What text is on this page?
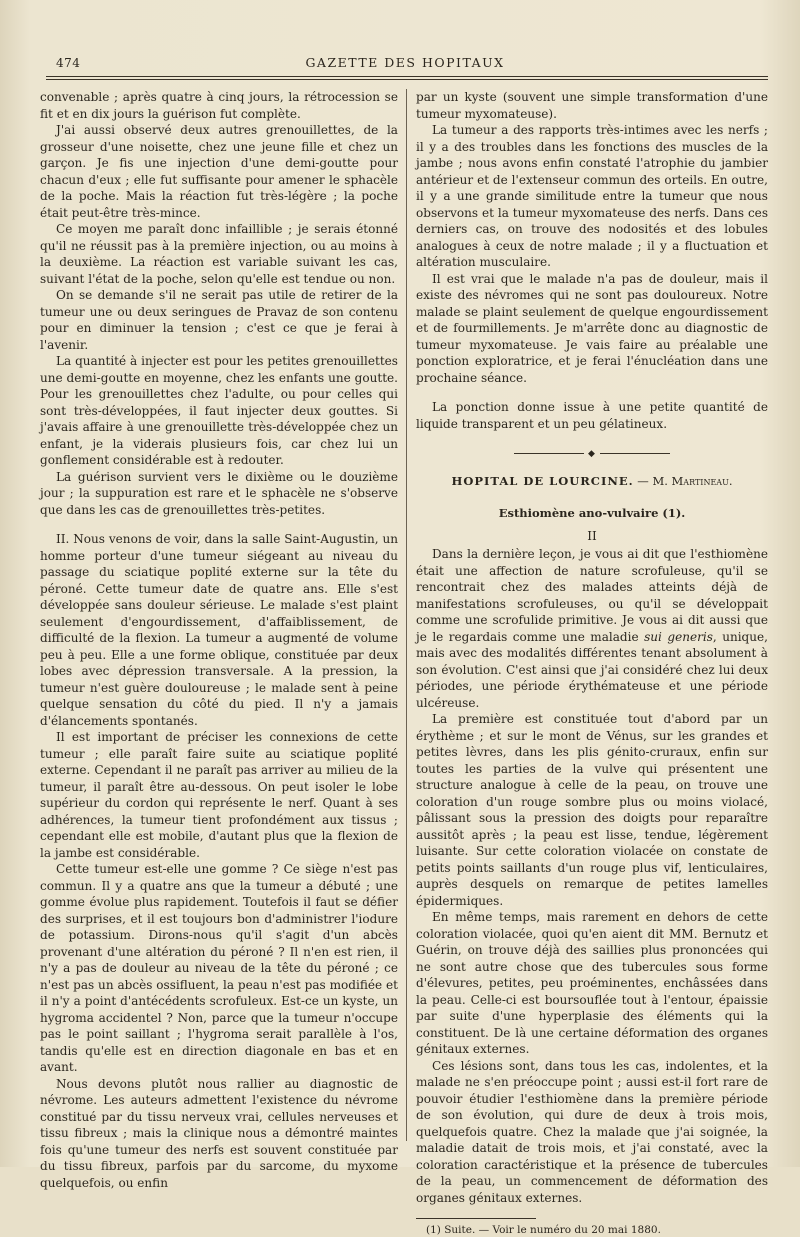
474	GAZETTE DES HOPITAUX

convenable ; après quatre à cinq jours, la rétrocession se fit et en dix jours la guérison fut complète.

J'ai aussi observé deux autres grenouillettes, de la grosseur d'une noisette, chez une jeune fille et chez un garçon. Je fis une injection d'une demi-goutte pour chacun d'eux ; elle fut suffisante pour amener le sphacèle de la poche. Mais la réaction fut très-légère ; la poche était peut-être très-mince.

Ce moyen me paraît donc infaillible ; je serais étonné qu'il ne réussit pas à la première injection, ou au moins à la deuxième. La réaction est variable suivant les cas, suivant l'état de la poche, selon qu'elle est tendue ou non.

On se demande s'il ne serait pas utile de retirer de la tumeur une ou deux seringues de Pravaz de son contenu pour en diminuer la tension ; c'est ce que je ferai à l'avenir.

La quantité à injecter est pour les petites grenouillettes une demi-goutte en moyenne, chez les enfants une goutte. Pour les grenouillettes chez l'adulte, ou pour celles qui sont très-développées, il faut injecter deux gouttes. Si j'avais affaire à une grenouillette très-développée chez un enfant, je la viderais plusieurs fois, car chez lui un gonflement considérable est à redouter.

La guérison survient vers le dixième ou le douzième jour ; la suppuration est rare et le sphacèle ne s'observe que dans les cas de grenouillettes très-petites.

II. Nous venons de voir, dans la salle Saint-Augustin, un homme porteur d'une tumeur siégeant au niveau du passage du sciatique poplité externe sur la tête du péroné. Cette tumeur date de quatre ans. Elle s'est développée sans douleur sérieuse. Le malade s'est plaint seulement d'engourdissement, d'affaiblissement, de difficulté de la flexion. La tumeur a augmenté de volume peu à peu. Elle a une forme oblique, constituée par deux lobes avec dépression transversale. A la pression, la tumeur n'est guère douloureuse ; le malade sent à peine quelque sensation du côté du pied. Il n'y a jamais d'élancements spontanés.

Il est important de préciser les connexions de cette tumeur ; elle paraît faire suite au sciatique poplité externe. Cependant il ne paraît pas arriver au milieu de la tumeur, il paraît être au-dessous. On peut isoler le lobe supérieur du cordon qui représente le nerf. Quant à ses adhérences, la tumeur tient profondément aux tissus ; cependant elle est mobile, d'autant plus que la flexion de la jambe est considérable.

Cette tumeur est-elle une gomme ? Ce siège n'est pas commun. Il y a quatre ans que la tumeur a débuté ; une gomme évolue plus rapidement. Toutefois il faut se défier des surprises, et il est toujours bon d'administrer l'iodure de potassium. Dirons-nous qu'il s'agit d'un abcès provenant d'une altération du péroné ? Il n'en est rien, il n'y a pas de douleur au niveau de la tête du péroné ; ce n'est pas un abcès ossifluent, la peau n'est pas modifiée et il n'y a point d'antécédents scrofuleux. Est-ce un kyste, un hygroma accidentel ? Non, parce que la tumeur n'occupe pas le point saillant ; l'hygroma serait parallèle à l'os, tandis qu'elle est en direction diagonale en bas et en avant.

Nous devons plutôt nous rallier au diagnostic de névrome. Les auteurs admettent l'existence du névrome constitué par du tissu nerveux vrai, cellules nerveuses et tissu fibreux ; mais la clinique nous a démontré maintes fois qu'une tumeur des nerfs est souvent constituée par du tissu fibreux, parfois par du sarcome, du myxome quelquefois, ou enfin

par un kyste (souvent une simple transformation d'une tumeur myxomateuse).

La tumeur a des rapports très-intimes avec les nerfs ; il y a des troubles dans les fonctions des muscles de la jambe ; nous avons enfin constaté l'atrophie du jambier antérieur et de l'extenseur commun des orteils. En outre, il y a une grande similitude entre la tumeur que nous observons et la tumeur myxomateuse des nerfs. Dans ces derniers cas, on trouve des nodosités et des lobules analogues à ceux de notre malade ; il y a fluctuation et altération musculaire.

Il est vrai que le malade n'a pas de douleur, mais il existe des névromes qui ne sont pas douloureux. Notre malade se plaint seulement de quelque engourdissement et de fourmillements. Je m'arrête donc au diagnostic de tumeur myxomateuse. Je vais faire au préalable une ponction exploratrice, et je ferai l'énucléation dans une prochaine séance.

La ponction donne issue à une petite quantité de liquide transparent et un peu gélatineux.

◆
HOPITAL DE LOURCINE. — M. Martineau.
Esthiomène ano-vulvaire (1).
II

Dans la dernière leçon, je vous ai dit que l'esthiomène était une affection de nature scrofuleuse, qu'il se rencontrait chez des malades atteints déjà de manifestations scrofuleuses, ou qu'il se développait comme une scrofulide primitive. Je vous ai dit aussi que je le regardais comme une maladie sui generis, unique, mais avec des modalités différentes tenant absolument à son évolution. C'est ainsi que j'ai considéré chez lui deux périodes, une période érythémateuse et une période ulcéreuse.

La première est constituée tout d'abord par un érythème ; et sur le mont de Vénus, sur les grandes et petites lèvres, dans les plis génito-cruraux, enfin sur toutes les parties de la vulve qui présentent une structure analogue à celle de la peau, on trouve une coloration d'un rouge sombre plus ou moins violacé, pâlissant sous la pression des doigts pour reparaître aussitôt après ; la peau est lisse, tendue, légèrement luisante. Sur cette coloration violacée on constate de petits points saillants d'un rouge plus vif, lenticulaires, auprès desquels on remarque de petites lamelles épidermiques.

En même temps, mais rarement en dehors de cette coloration violacée, quoi qu'en aient dit MM. Bernutz et Guérin, on trouve déjà des saillies plus prononcées qui ne sont autre chose que des tubercules sous forme d'élevures, petites, peu proéminentes, enchâssées dans la peau. Celle-ci est boursouflée tout à l'entour, épaissie par suite d'une hyperplasie des éléments qui la constituent. De là une certaine déformation des organes génitaux externes.

Ces lésions sont, dans tous les cas, indolentes, et la malade ne s'en préoccupe point ; aussi est-il fort rare de pouvoir étudier l'esthiomène dans la première période de son évolution, qui dure de deux à trois mois, quelquefois quatre. Chez la malade que j'ai soignée, la maladie datait de trois mois, et j'ai constaté, avec la coloration caractéristique et la présence de tubercules de la peau, un commencement de déformation des organes génitaux externes.

(1) Suite. — Voir le numéro du 20 mai 1880.
